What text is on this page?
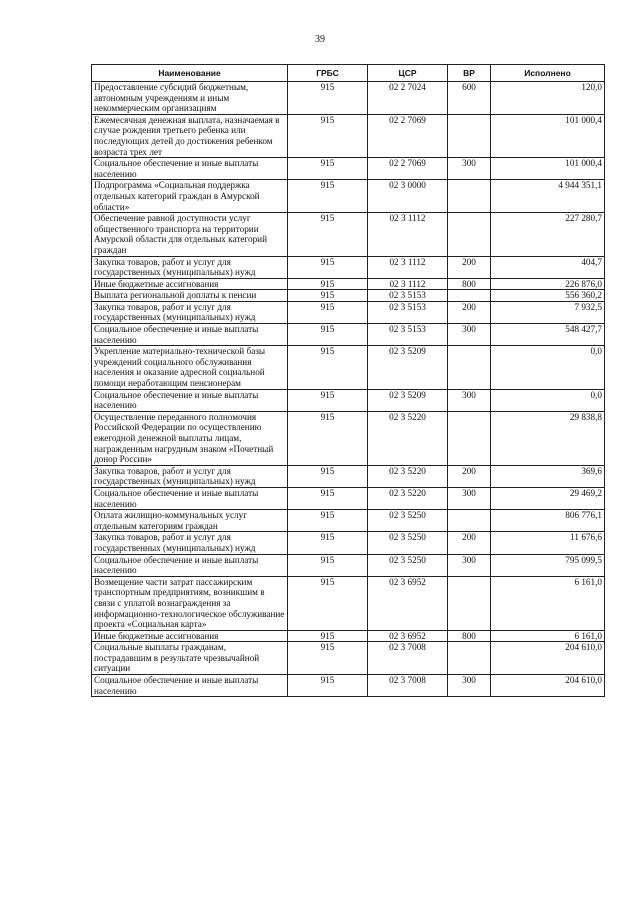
39
Наименование	ГРБС	ЦСР	ВР	Исполнено
Предоставление субсидий бюджетным, автономным учреждениям и иным некоммерческим организациям	915	02 2 7024	600	120,0
Ежемесячная денежная выплата, назначаемая в случае рождения третьего ребенка или последующих детей до достижения ребенком возраста трех лет	915	02 2 7069		101 000,4
Социальное обеспечение и иные выплаты населению	915	02 2 7069	300	101 000,4
Подпрограмма «Социальная поддержка отдельных категорий граждан в Амурской области»	915	02 3 0000		4 944 351,1
Обеспечение равной доступности услуг общественного транспорта на территории Амурской области для отдельных категорий граждан	915	02 3 1112		227 280,7
Закупка товаров, работ и услуг для государственных (муниципальных) нужд	915	02 3 1112	200	404,7
Иные бюджетные ассигнования	915	02 3 1112	800	226 876,0
Выплата региональной доплаты к пенсии	915	02 3 5153		556 360,2
Закупка товаров, работ и услуг для государственных (муниципальных) нужд	915	02 3 5153	200	7 932,5
Социальное обеспечение и иные выплаты населению	915	02 3 5153	300	548 427,7
Укрепление материально-технической базы учреждений социального обслуживания населения и оказание адресной социальной помощи неработающим пенсионерам	915	02 3 5209		0,0
Социальное обеспечение и иные выплаты населению	915	02 3 5209	300	0,0
Осуществление переданного полномочия Российской Федерации по осуществлению ежегодной денежной выплаты лицам, награжденным нагрудным знаком «Почетный донор России»	915	02 3 5220		29 838,8
Закупка товаров, работ и услуг для государственных (муниципальных) нужд	915	02 3 5220	200	369,6
Социальное обеспечение и иные выплаты населению	915	02 3 5220	300	29 469,2
Оплата жилищно-коммунальных услуг отдельным категориям граждан	915	02 3 5250		806 776,1
Закупка товаров, работ и услуг для государственных (муниципальных) нужд	915	02 3 5250	200	11 676,6
Социальное обеспечение и иные выплаты населению	915	02 3 5250	300	795 099,5
Возмещение части затрат пассажирским транспортным предприятиям, возникшим в связи с уплатой вознаграждения за информационно-технологическое обслуживание проекта «Социальная карта»	915	02 3 6952		6 161,0
Иные бюджетные ассигнования	915	02 3 6952	800	6 161,0
Социальные выплаты гражданам, пострадавшим в результате чрезвычайной ситуации	915	02 3 7008		204 610,0
Социальное обеспечение и иные выплаты населению	915	02 3 7008	300	204 610,0
